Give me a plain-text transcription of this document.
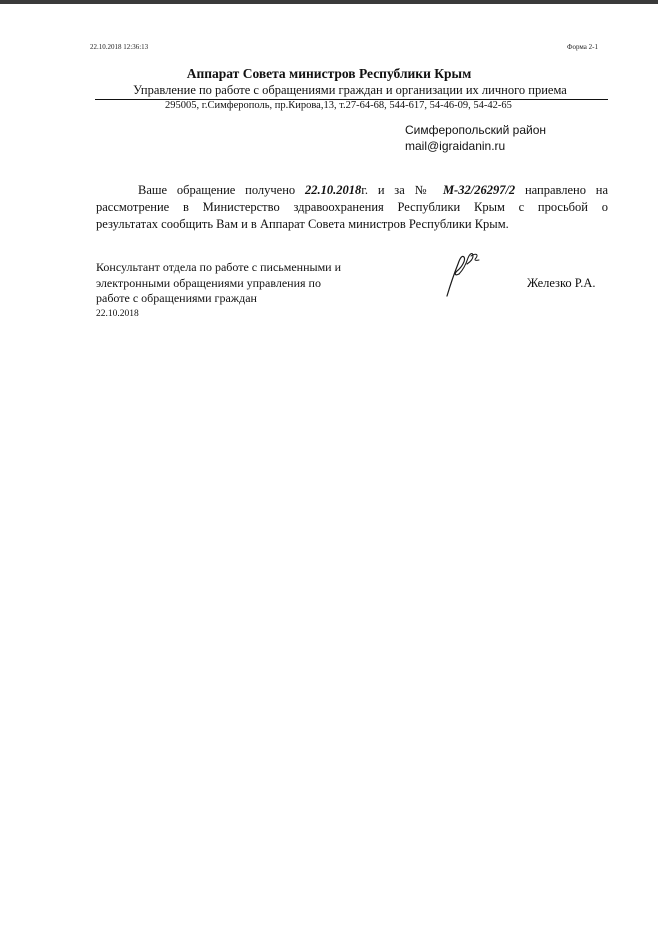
22.10.2018 12:36:13	Форма 2-1
Аппарат Совета министров Республики Крым
Управление по работе с обращениями граждан и организации их личного приема
295005, г.Симферополь, пр.Кирова,13, т.27-64-68, 544-617, 54-46-09, 54-42-65
Симферопольский район
mail@igraidanin.ru
Ваше обращение получено 22.10.2018г. и за № М-32/26297/2 направлено на
рассмотрение в Министерство здравоохранения Республики Крым с просьбой о
результатах сообщить Вам и в Аппарат Совета министров Республики Крым.
Консультант отдела по работе с письменными и
электронными обращениями управления по
работе с обращениями граждан
22.10.2018
Железко Р.А.
